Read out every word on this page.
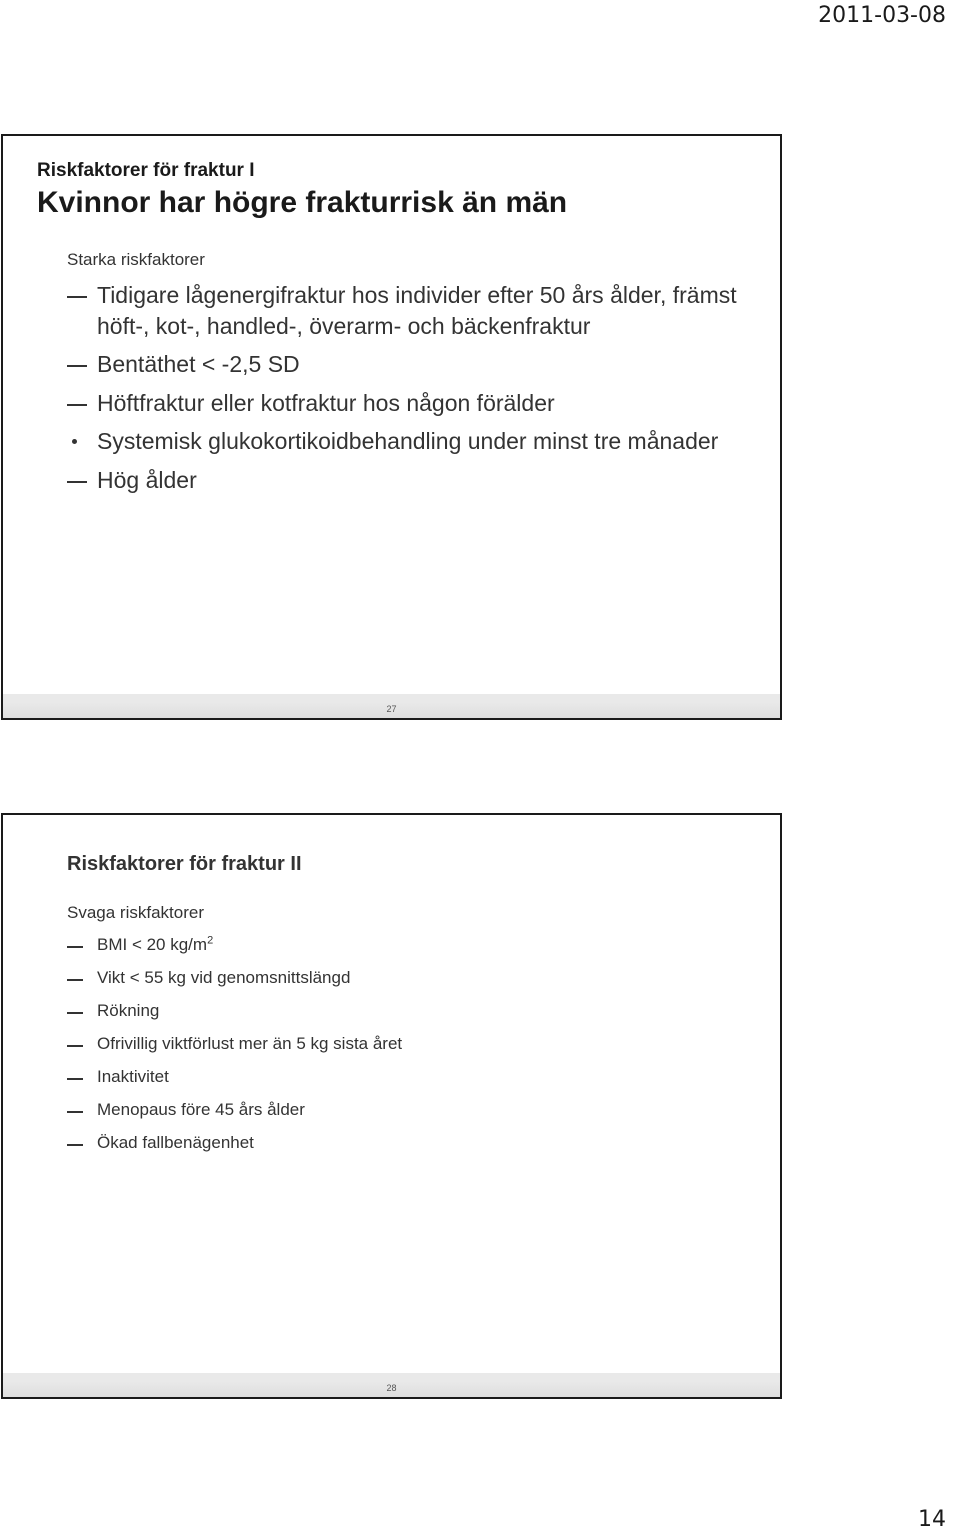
2011-03-08
Riskfaktorer för fraktur I
Kvinnor har högre frakturrisk än män
Starka riskfaktorer
Tidigare lågenergifraktur hos individer efter 50 års ålder, främst höft-, kot-, handled-, överarm- och bäckenfraktur
Bentäthet < -2,5 SD
Höftfraktur eller kotfraktur hos någon förälder
Systemisk glukokortikoidbehandling under minst tre månader
Hög ålder
27
Riskfaktorer för fraktur II
Svaga riskfaktorer
BMI < 20 $kg/m^2$
Vikt < 55 kg vid genomsnittslängd
Rökning
Ofrivillig viktförlust mer än 5 kg sista året
Inaktivitet
Menopaus före 45 års ålder
Ökad fallbenägenhet
28
14
